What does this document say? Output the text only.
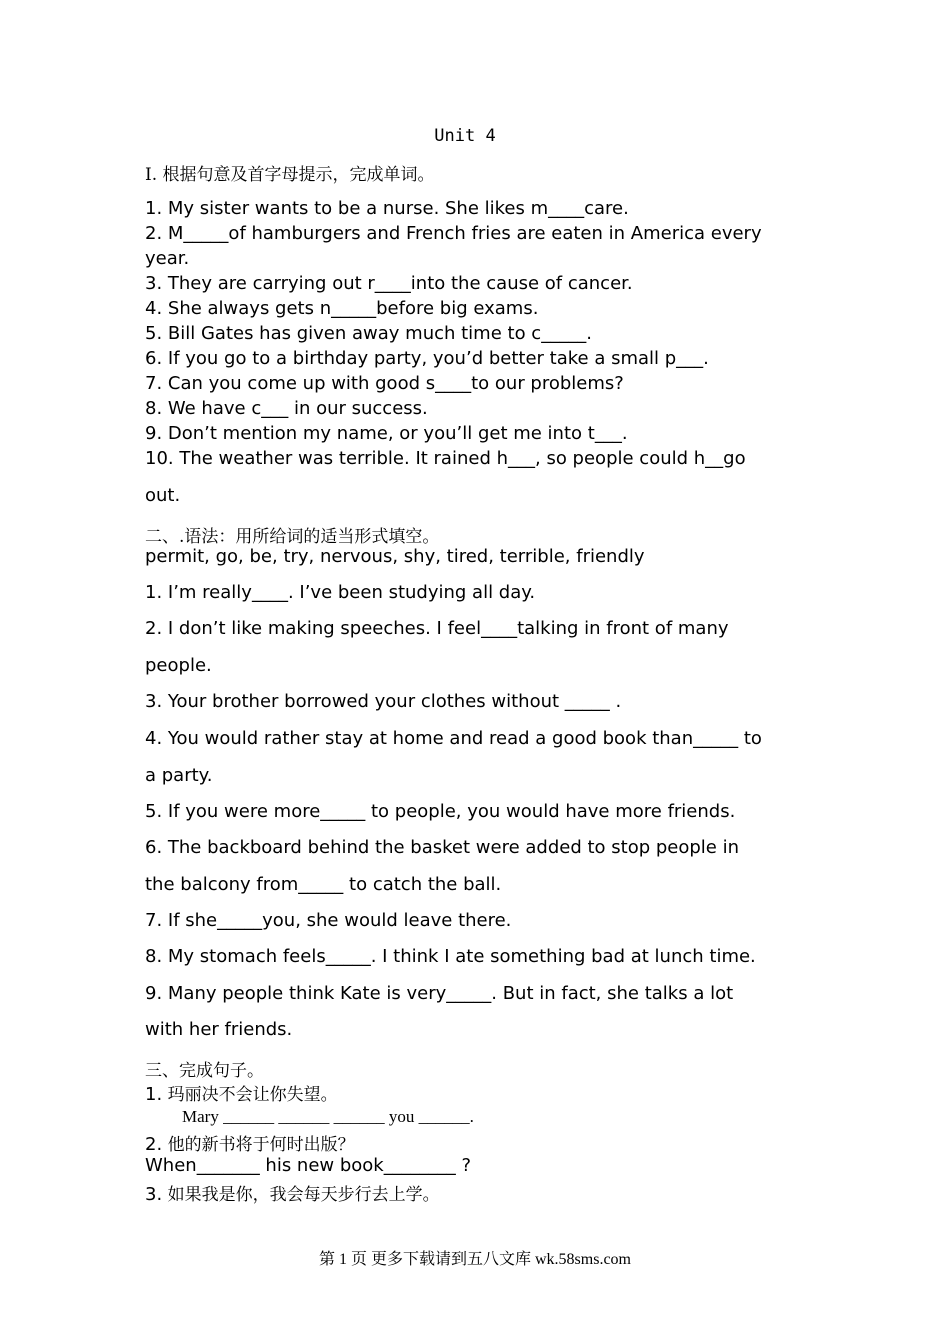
Unit 4
I. 根据句意及首字母提示，完成单词。
1. My sister wants to be a nurse. She likes m____care.
2. M_____of hamburgers and French fries are eaten in America every
year.
3. They are carrying out r____into the cause of cancer.
4. She always gets n_____before big exams.
5. Bill Gates has given away much time to c_____.
6. If you go to a birthday party, you’d better take a small p___.
7. Can you come up with good s____to our problems?
8. We have c___ in our success.
9. Don’t mention my name, or you’ll get me into t___.
10. The weather was terrible. It rained h___, so people could h__go
out.
二、.语法：用所给词的适当形式填空。
permit, go, be, try, nervous, shy, tired, terrible, friendly
1. I’m really____. I’ve been studying all day.
2. I don’t like making speeches. I feel____talking in front of many
people.
3. Your brother borrowed your clothes without _____ .
4. You would rather stay at home and read a good book than_____ to
a party.
5. If you were more_____ to people, you would have more friends.
6. The backboard behind the basket were added to stop people in
the balcony from_____ to catch the ball.
7. If she_____you, she would leave there.
8. My stomach feels_____. I think I ate something bad at lunch time.
9. Many people think Kate is very_____. But in fact, she talks a lot
with her friends.
三、完成句子。
1. 玛丽决不会让你失望。
Mary ______ ______ ______ you ______.
2. 他的新书将于何时出版？
When_______ his new book________ ?
3. 如果我是你，我会每天步行去上学。
第 1 页 更多下载请到五八文库 wk.58sms.com
